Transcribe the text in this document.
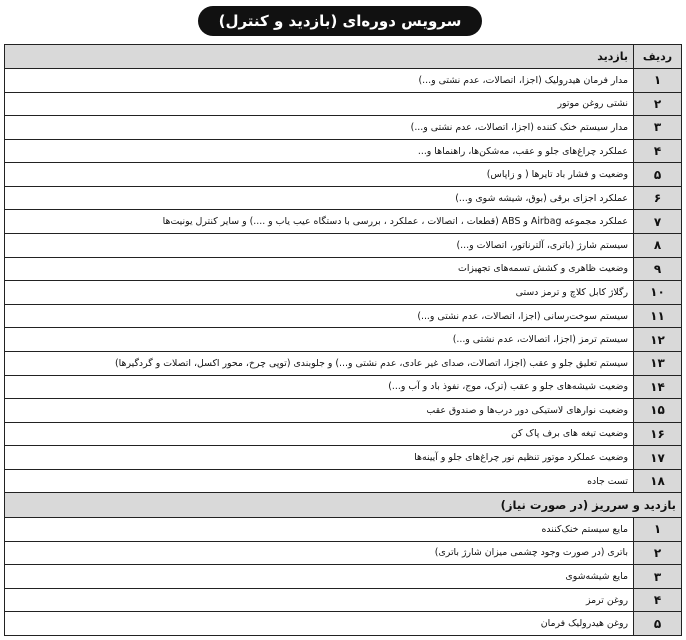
سرویس دوره‌ای (بازدید و کنترل)
ردیف	بازدید
۱	مدار فرمان هیدرولیک (اجزا، اتصالات، عدم نشتی و...)
۲	نشتی روغن موتور
۳	مدار سیستم خنک کننده (اجزا، اتصالات، عدم نشتی و...)
۴	عملکرد چراغ‌های جلو و عقب، مه‌شکن‌ها، راهنماها و...
۵	وضعیت و فشار باد تایرها ( و زاپاس)
۶	عملکرد اجزای برقی (بوق، شیشه شوی و...)
۷	عملکرد مجموعه Airbag و ABS (قطعات ، اتصالات ، عملکرد ، بررسی با دستگاه عیب یاب و ....) و سایر کنترل یونیت‌ها
۸	سیستم شارژ (باتری، آلترناتور، اتصالات و...)
۹	وضعیت ظاهری و کشش تسمه‌های تجهیزات
۱۰	رگلاژ کابل کلاچ و ترمز دستی
۱۱	سیستم سوخت‌رسانی (اجزا، اتصالات، عدم نشتی و...)
۱۲	سیستم ترمز (اجزا، اتصالات، عدم نشتی و...)
۱۳	سیستم تعلیق جلو و عقب (اجزا، اتصالات، صدای غیر عادی، عدم نشتی و...) و جلوبندی (توپی چرخ، محور اکسل، اتصلات و گردگیرها)
۱۴	وضعیت شیشه‌های جلو و عقب (ترک، موج، نفوذ باد و آب و...)
۱۵	وضعیت نوارهای لاستیکی دور درب‌ها و صندوق عقب
۱۶	وضعیت تیغه های برف پاک کن
۱۷	وضعیت عملکرد موتور تنظیم نور چراغ‌های جلو و آیینه‌ها
۱۸	تست جاده
بازدید و سرریز (در صورت نیاز)	
۱	مایع سیستم خنک‌کننده
۲	باتری (در صورت وجود چشمی میزان شارژ باتری)
۳	مایع شیشه‌شوی
۴	روغن ترمز
۵	روغن هیدرولیک فرمان
